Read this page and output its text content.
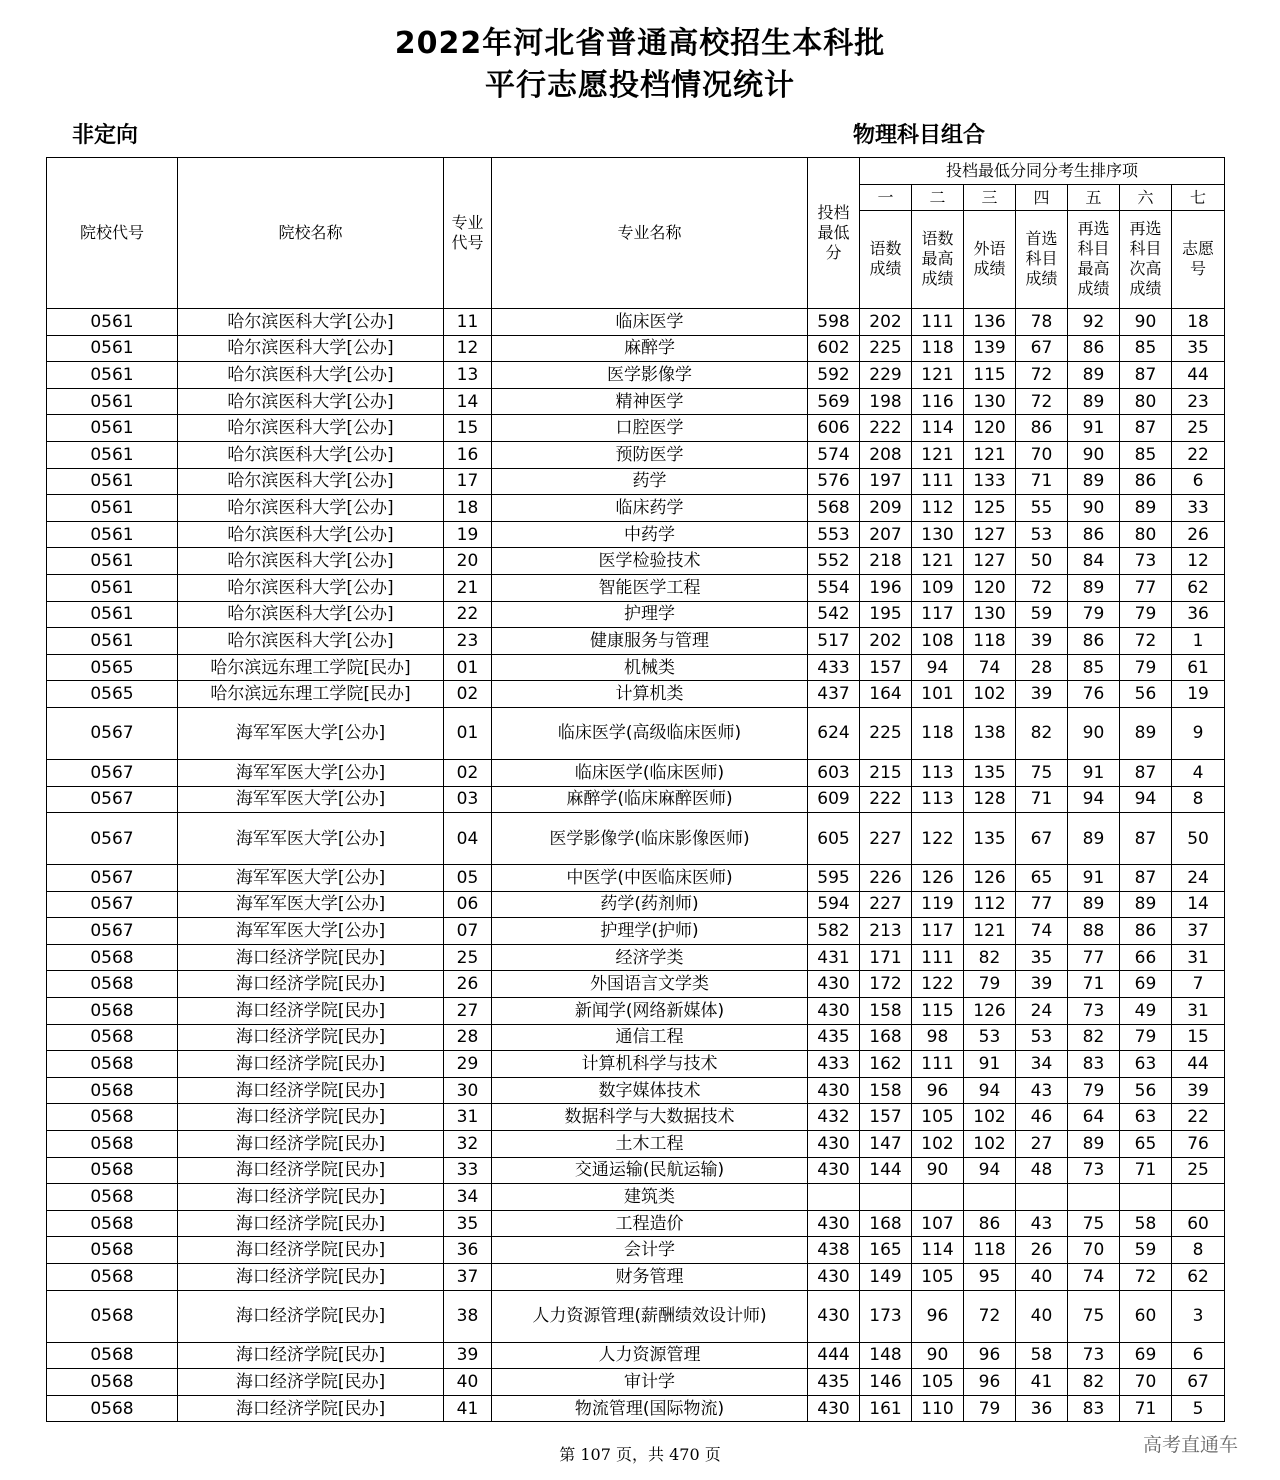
2022年河北省普通高校招生本科批
平行志愿投档情况统计
非定向	物理科目组合
院校代号	院校名称	专业代号	专业名称	投档最低分	投档最低分同分考生排序项						
					一	二	三	四	五	六	七
					语数成绩	语数最高成绩	外语成绩	首选科目成绩	再选科目最高成绩	再选科目次高成绩	志愿号
0561	哈尔滨医科大学[公办]	11	临床医学	598	202	111	136	78	92	90	18
0561	哈尔滨医科大学[公办]	12	麻醉学	602	225	118	139	67	86	85	35
0561	哈尔滨医科大学[公办]	13	医学影像学	592	229	121	115	72	89	87	44
0561	哈尔滨医科大学[公办]	14	精神医学	569	198	116	130	72	89	80	23
0561	哈尔滨医科大学[公办]	15	口腔医学	606	222	114	120	86	91	87	25
0561	哈尔滨医科大学[公办]	16	预防医学	574	208	121	121	70	90	85	22
0561	哈尔滨医科大学[公办]	17	药学	576	197	111	133	71	89	86	6
0561	哈尔滨医科大学[公办]	18	临床药学	568	209	112	125	55	90	89	33
0561	哈尔滨医科大学[公办]	19	中药学	553	207	130	127	53	86	80	26
0561	哈尔滨医科大学[公办]	20	医学检验技术	552	218	121	127	50	84	73	12
0561	哈尔滨医科大学[公办]	21	智能医学工程	554	196	109	120	72	89	77	62
0561	哈尔滨医科大学[公办]	22	护理学	542	195	117	130	59	79	79	36
0561	哈尔滨医科大学[公办]	23	健康服务与管理	517	202	108	118	39	86	72	1
0565	哈尔滨远东理工学院[民办]	01	机械类	433	157	94	74	28	85	79	61
0565	哈尔滨远东理工学院[民办]	02	计算机类	437	164	101	102	39	76	56	19
0567	海军军医大学[公办]	01	临床医学(高级临床医师)	624	225	118	138	82	90	89	9
0567	海军军医大学[公办]	02	临床医学(临床医师)	603	215	113	135	75	91	87	4
0567	海军军医大学[公办]	03	麻醉学(临床麻醉医师)	609	222	113	128	71	94	94	8
0567	海军军医大学[公办]	04	医学影像学(临床影像医师)	605	227	122	135	67	89	87	50
0567	海军军医大学[公办]	05	中医学(中医临床医师)	595	226	126	126	65	91	87	24
0567	海军军医大学[公办]	06	药学(药剂师)	594	227	119	112	77	89	89	14
0567	海军军医大学[公办]	07	护理学(护师)	582	213	117	121	74	88	86	37
0568	海口经济学院[民办]	25	经济学类	431	171	111	82	35	77	66	31
0568	海口经济学院[民办]	26	外国语言文学类	430	172	122	79	39	71	69	7
0568	海口经济学院[民办]	27	新闻学(网络新媒体)	430	158	115	126	24	73	49	31
0568	海口经济学院[民办]	28	通信工程	435	168	98	53	53	82	79	15
0568	海口经济学院[民办]	29	计算机科学与技术	433	162	111	91	34	83	63	44
0568	海口经济学院[民办]	30	数字媒体技术	430	158	96	94	43	79	56	39
0568	海口经济学院[民办]	31	数据科学与大数据技术	432	157	105	102	46	64	63	22
0568	海口经济学院[民办]	32	土木工程	430	147	102	102	27	89	65	76
0568	海口经济学院[民办]	33	交通运输(民航运输)	430	144	90	94	48	73	71	25
0568	海口经济学院[民办]	34	建筑类								
0568	海口经济学院[民办]	35	工程造价	430	168	107	86	43	75	58	60
0568	海口经济学院[民办]	36	会计学	438	165	114	118	26	70	59	8
0568	海口经济学院[民办]	37	财务管理	430	149	105	95	40	74	72	62
0568	海口经济学院[民办]	38	人力资源管理(薪酬绩效设计师)	430	173	96	72	40	75	60	3
0568	海口经济学院[民办]	39	人力资源管理	444	148	90	96	58	73	69	6
0568	海口经济学院[民办]	40	审计学	435	146	105	96	41	82	70	67
0568	海口经济学院[民办]	41	物流管理(国际物流)	430	161	110	79	36	83	71	5
第 107 页，共 470 页	高考直通车
